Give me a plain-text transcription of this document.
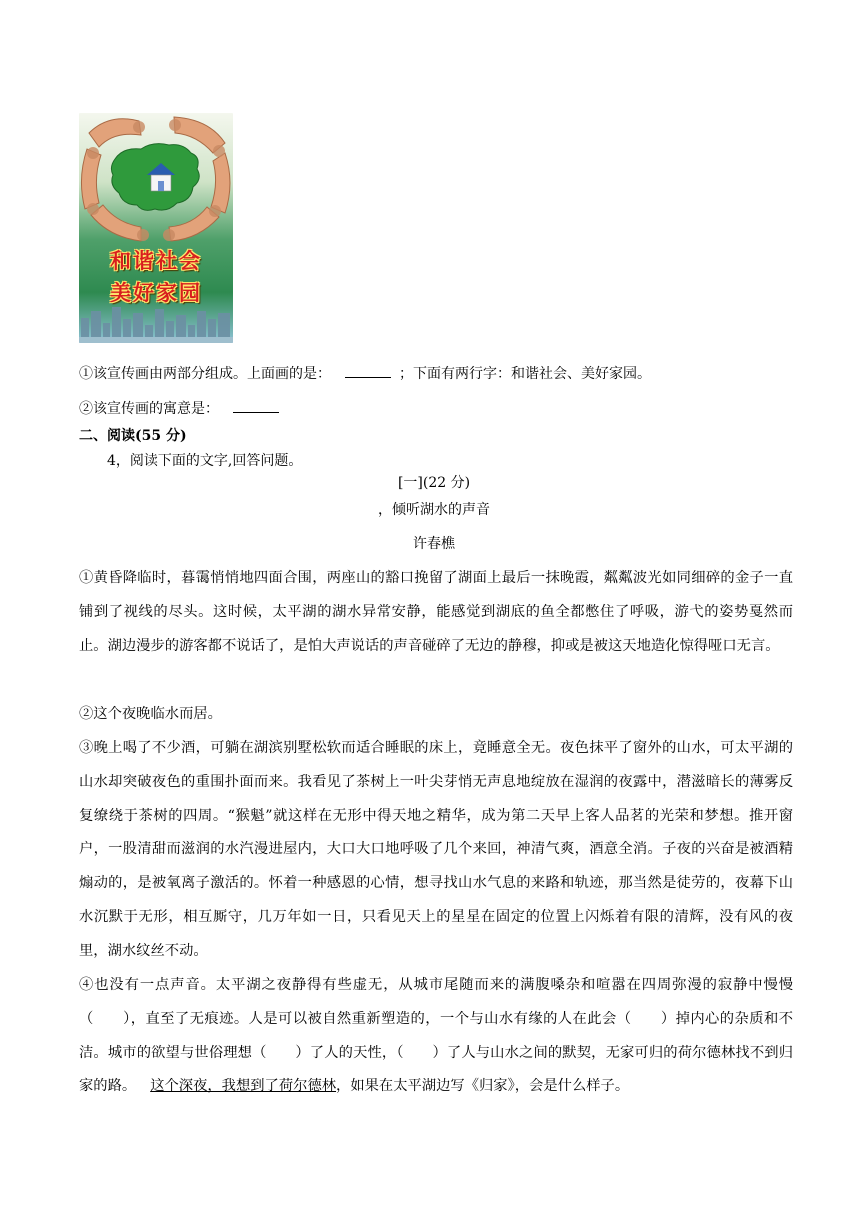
和谐社会
美好家园
①该宣传画由两部分组成。上面画的是：	；下面有两行字：和谐社会、美好家园。
②该宣传画的寓意是：
二、阅读(55 分)
4，阅读下面的文字,回答问题。
[一](22 分)
，倾听湖水的声音
许春樵

①黄昏降临时，暮霭悄悄地四面合围，两座山的豁口挽留了湖面上最后一抹晚霞，粼粼波光如同细碎的金子一直铺到了视线的尽头。这时候，太平湖的湖水异常安静，能感觉到湖底的鱼全都憋住了呼吸，游弋的姿势戛然而止。湖边漫步的游客都不说话了，是怕大声说话的声音碰碎了无边的静穆，抑或是被这天地造化惊得哑口无言。

②这个夜晚临水而居。

③晚上喝了不少酒，可躺在湖滨别墅松软而适合睡眠的床上，竟睡意全无。夜色抹平了窗外的山水，可太平湖的山水却突破夜色的重围扑面而来。我看见了茶树上一叶尖芽悄无声息地绽放在湿润的夜露中，潜滋暗长的薄雾反复缭绕于茶树的四周。“猴魁”就这样在无形中得天地之精华，成为第二天早上客人品茗的光荣和梦想。推开窗户，一股清甜而滋润的水汽漫进屋内，大口大口地呼吸了几个来回，神清气爽，酒意全消。子夜的兴奋是被酒精煽动的，是被氧离子激活的。怀着一种感恩的心情，想寻找山水气息的来路和轨迹，那当然是徒劳的，夜幕下山水沉默于无形，相互厮守，几万年如一日，只看见天上的星星在固定的位置上闪烁着有限的清辉，没有风的夜里，湖水纹丝不动。

④也没有一点声音。太平湖之夜静得有些虚无，从城市尾随而来的满腹嗓杂和喧嚣在四周弥漫的寂静中慢慢（　　），直至了无痕迹。人是可以被自然重新塑造的，一个与山水有缘的人在此会（　　）掉内心的杂质和不洁。城市的欲望与世俗理想（　　）了人的天性，（　　）了人与山水之间的默契，无家可归的荷尔德林找不到归家的路。 这个深夜，我想到了荷尔德林，如果在太平湖边写《归家》，会是什么样子。
